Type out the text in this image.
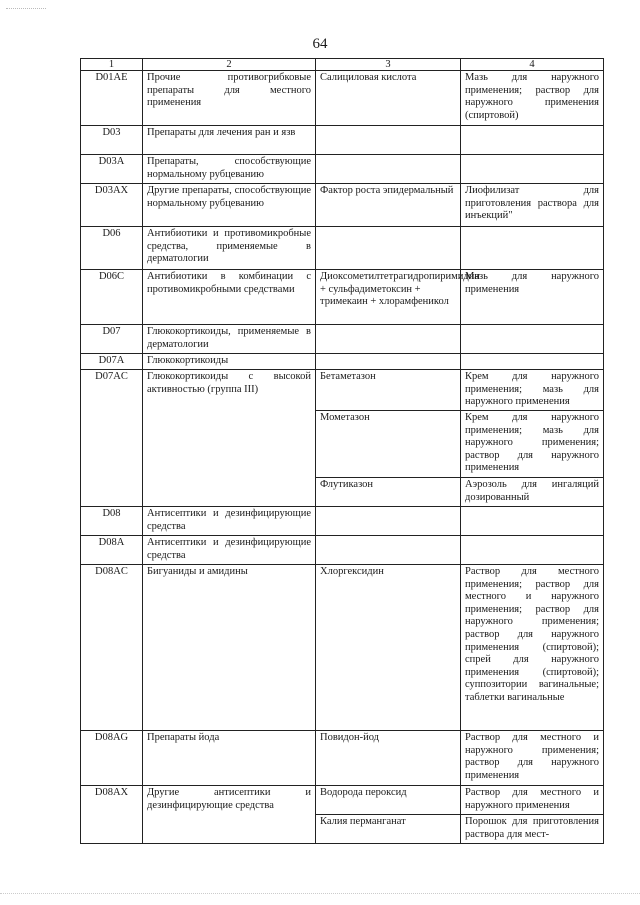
64
1	2	3	4
D01AE	Прочие противогрибковые препараты для местного применения	Салициловая кислота	Мазь для наружного применения; раствор для наружного применения (спиртовой)
D03	Препараты для лечения ран и язв		
D03A	Препараты, способствующие нормальному рубцеванию		
D03AX	Другие препараты, способствующие нормальному рубцеванию	Фактор роста эпидермальный	Лиофилизат для приготовления раствора для инъекций"
D06	Антибиотики и противомикробные средства, применяемые в дерматологии		
D06C	Антибиотики в комбинации с противомикробными средствами	Диоксометилтетрагидропиримидин + сульфадиметоксин + тримекаин + хлорамфеникол	Мазь для наружного применения
D07	Глюкокортикоиды, применяемые в дерматологии		
D07A	Глюкокортикоиды		
D07AC	Глюкокортикоиды с высокой активностью (группа III)	Бетаметазон	Крем для наружного применения; мазь для наружного применения
		Мометазон	Крем для наружного применения; мазь для наружного применения; раствор для наружного применения
		Флутиказон	Аэрозоль для ингаляций дозированный
D08	Антисептики и дезинфицирующие средства		
D08A	Антисептики и дезинфицирующие средства		
D08AC	Бигуаниды и амидины	Хлоргексидин	Раствор для местного применения; раствор для местного и наружного применения; раствор для наружного применения; раствор для наружного применения (спиртовой); спрей для наружного применения (спиртовой); суппозитории вагинальные; таблетки вагинальные
D08AG	Препараты йода	Повидон-йод	Раствор для местного и наружного применения; раствор для наружного применения
D08AX	Другие антисептики и дезинфицирующие средства	Водорода пероксид	Раствор для местного и наружного применения
		Калия перманганат	Порошок для приготовления раствора для мест-
